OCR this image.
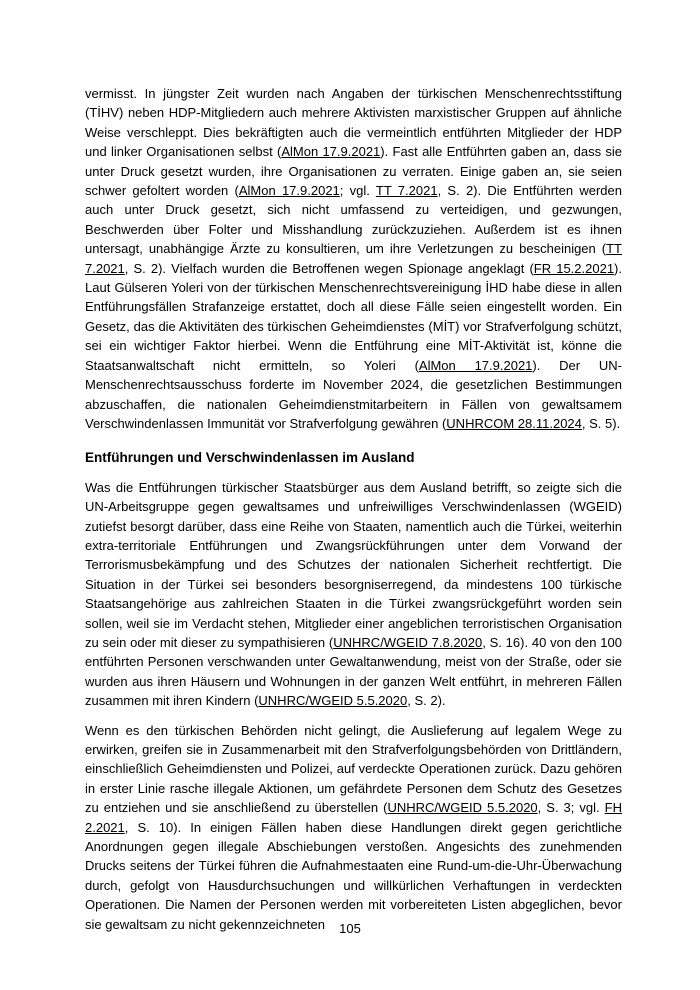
vermisst. In jüngster Zeit wurden nach Angaben der türkischen Menschenrechtsstiftung (TİHV) neben HDP-Mitgliedern auch mehrere Aktivisten marxistischer Gruppen auf ähnliche Weise verschleppt. Dies bekräftigten auch die vermeintlich entführten Mitglieder der HDP und linker Organisationen selbst (AlMon 17.9.2021). Fast alle Entführten gaben an, dass sie unter Druck gesetzt wurden, ihre Organisationen zu verraten. Einige gaben an, sie seien schwer gefoltert worden (AlMon 17.9.2021; vgl. TT 7.2021, S. 2). Die Entführten werden auch unter Druck gesetzt, sich nicht umfassend zu verteidigen, und gezwungen, Beschwerden über Folter und Misshandlung zurückzuziehen. Außerdem ist es ihnen untersagt, unabhängige Ärzte zu konsultieren, um ihre Verletzungen zu bescheinigen (TT 7.2021, S. 2). Vielfach wurden die Betroffenen wegen Spionage angeklagt (FR 15.2.2021). Laut Gülseren Yoleri von der türkischen Menschenrechtsvereinigung İHD habe diese in allen Entführungsfällen Strafanzeige erstattet, doch all diese Fälle seien eingestellt worden. Ein Gesetz, das die Aktivitäten des türkischen Geheimdienstes (MİT) vor Strafverfolgung schützt, sei ein wichtiger Faktor hierbei. Wenn die Entführung eine MİT-Aktivität ist, könne die Staatsanwaltschaft nicht ermitteln, so Yoleri (AlMon 17.9.2021). Der UN-Menschenrechtsausschuss forderte im November 2024, die gesetzlichen Bestimmungen abzuschaffen, die nationalen Geheimdienstmitarbeitern in Fällen von gewaltsamem Verschwindenlassen Immunität vor Strafverfolgung gewähren (UNHRCOM 28.11.2024, S. 5).

Entführungen und Verschwindenlassen im Ausland

Was die Entführungen türkischer Staatsbürger aus dem Ausland betrifft, so zeigte sich die UN-Arbeitsgruppe gegen gewaltsames und unfreiwilliges Verschwindenlassen (WGEID) zutiefst besorgt darüber, dass eine Reihe von Staaten, namentlich auch die Türkei, weiterhin extra-territoriale Entführungen und Zwangsrückführungen unter dem Vorwand der Terrorismusbekämpfung und des Schutzes der nationalen Sicherheit rechtfertigt. Die Situation in der Türkei sei besonders besorgniserregend, da mindestens 100 türkische Staatsangehörige aus zahlreichen Staaten in die Türkei zwangsrückgeführt worden sein sollen, weil sie im Verdacht stehen, Mitglieder einer angeblichen terroristischen Organisation zu sein oder mit dieser zu sympathisieren (UNHRC/WGEID 7.8.2020, S. 16). 40 von den 100 entführten Personen verschwanden unter Gewaltanwendung, meist von der Straße, oder sie wurden aus ihren Häusern und Wohnungen in der ganzen Welt entführt, in mehreren Fällen zusammen mit ihren Kindern (UNHRC/WGEID 5.5.2020, S. 2).

Wenn es den türkischen Behörden nicht gelingt, die Auslieferung auf legalem Wege zu erwirken, greifen sie in Zusammenarbeit mit den Strafverfolgungsbehörden von Drittländern, einschließlich Geheimdiensten und Polizei, auf verdeckte Operationen zurück. Dazu gehören in erster Linie rasche illegale Aktionen, um gefährdete Personen dem Schutz des Gesetzes zu entziehen und sie anschließend zu überstellen (UNHRC/WGEID 5.5.2020, S. 3; vgl. FH 2.2021, S. 10). In einigen Fällen haben diese Handlungen direkt gegen gerichtliche Anordnungen gegen illegale Abschiebungen verstoßen. Angesichts des zunehmenden Drucks seitens der Türkei führen die Aufnahmestaaten eine Rund-um-die-Uhr-Überwachung durch, gefolgt von Hausdurchsuchungen und willkürlichen Verhaftungen in verdeckten Operationen. Die Namen der Personen werden mit vorbereiteten Listen abgeglichen, bevor sie gewaltsam zu nicht gekennzeichneten	105
